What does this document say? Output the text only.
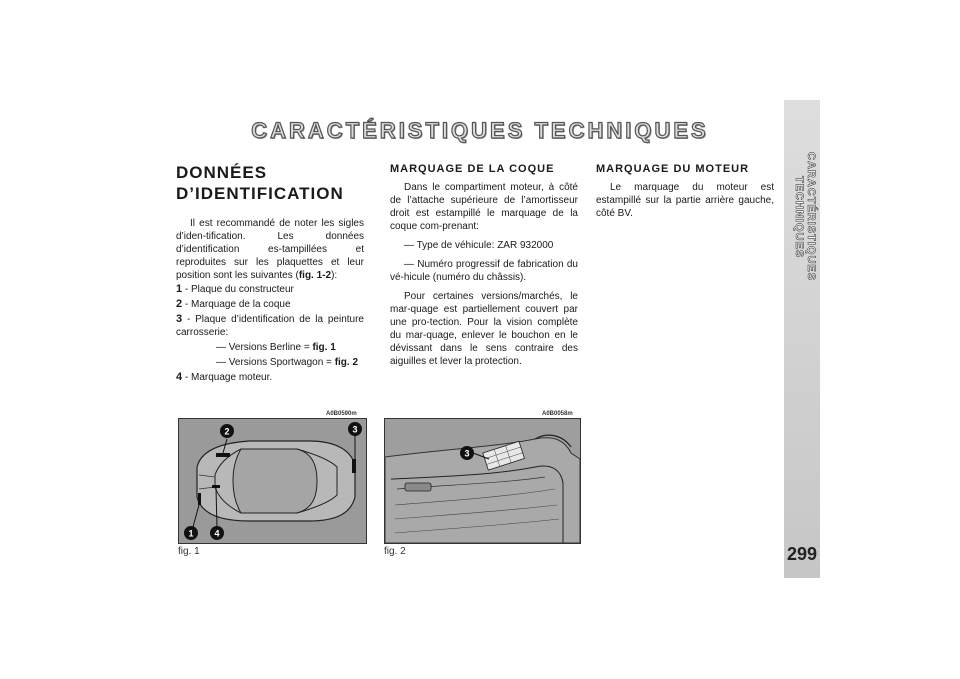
CARACTÉRISTIQUES TECHNIQUES
299
CARACTÉRISTIQUES TECHNIQUES
DONNÉES
D’IDENTIFICATION

Il est recommandé de noter les sigles d’iden-tification. Les données d’identification es-tampillées et reproduites sur les plaquettes et leur position sont les suivantes (fig. 1-2):

1 - Plaque du constructeur
2 - Marquage de la coque
3 - Plaque d’identification de la peinture carrosserie:
— Versions Berline = fig. 1
— Versions Sportwagon = fig. 2
4 - Marquage moteur.
MARQUAGE DE LA COQUE

Dans le compartiment moteur, à côté de l’attache supérieure de l’amortisseur droit est estampillé le marquage de la coque com-prenant:

— Type de véhicule: ZAR 932000

— Numéro progressif de fabrication du vé-hicule (numéro du châssis).

Pour certaines versions/marchés, le mar-quage est partiellement couvert par une pro-tection. Pour la vision complète du mar-quage, enlever le bouchon en le dévissant dans le sens contraire des aiguilles et lever la protection.

MARQUAGE DU MOTEUR

Le marquage du moteur est estampillé sur la partie arrière gauche, côté BV.

A0B0590m
2	3
1 4
fig. 1
A0B0058m
3
fig. 2
